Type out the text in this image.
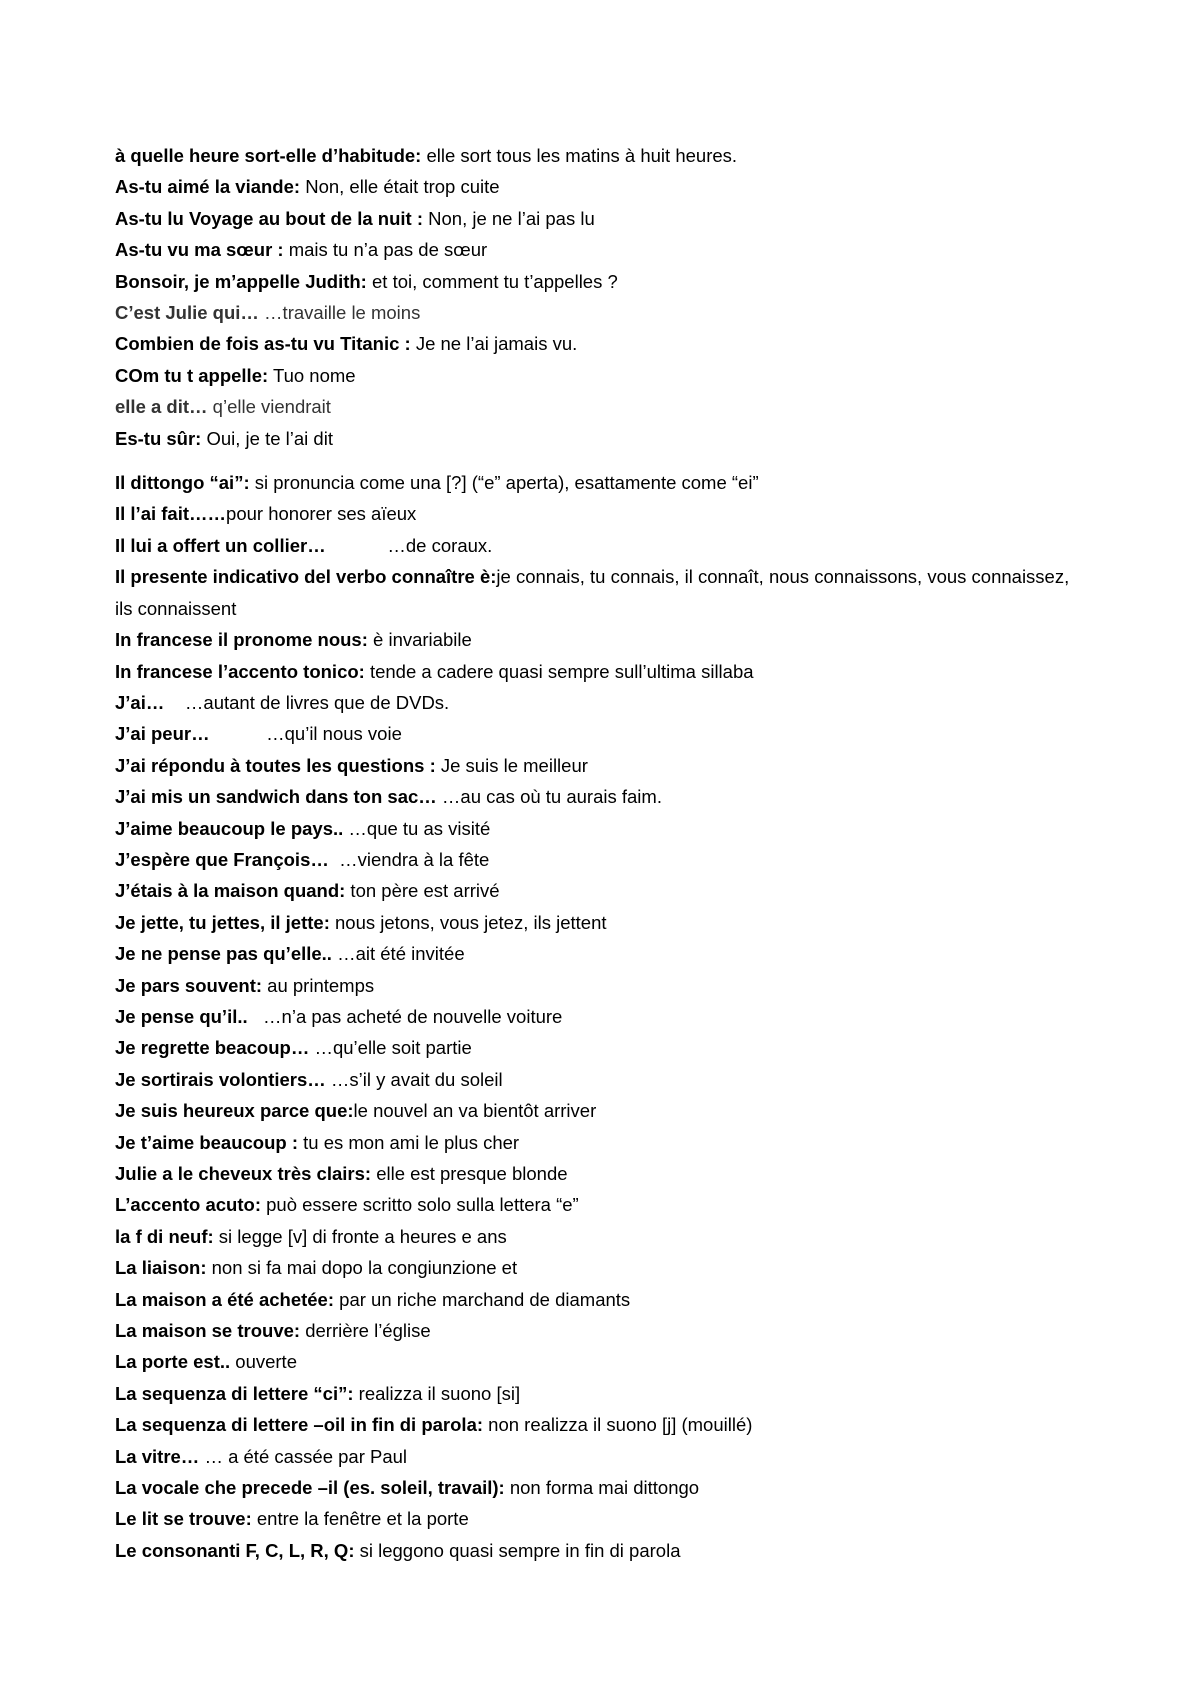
à quelle heure sort-elle d’habitude: elle sort tous les matins à huit heures.

As-tu aimé la viande: Non, elle était trop cuite

As-tu lu Voyage au bout de la nuit : Non, je ne l’ai pas lu

As-tu vu ma sœur : mais tu n’a pas de sœur

Bonsoir, je m’appelle Judith: et toi, comment tu t’appelles ?

C’est Julie qui… …travaille le moins

Combien de fois as-tu vu Titanic : Je ne l’ai jamais vu.

COm tu t appelle: Tuo nome

elle a dit… q’elle viendrait

Es-tu sûr: Oui, je te l’ai dit

Il dittongo “ai”: si pronuncia come una [?] (“e” aperta), esattamente come “ei”

Il l’ai fait……pour honorer ses aïeux

Il lui a offert un collier…            …de coraux.

Il presente indicativo del verbo connaître è:je connais, tu connais, il connaît, nous connaissons, vous connaissez, ils connaissent

In francese il pronome nous: è invariabile

In francese l’accento tonico: tende a cadere quasi sempre sull’ultima sillaba

J’ai…    …autant de livres que de DVDs.

J’ai peur…           …qu’il nous voie

J’ai répondu à toutes les questions : Je suis le meilleur

J’ai mis un sandwich dans ton sac… …au cas où tu aurais faim.

J’aime beaucoup le pays.. …que tu as visité

J’espère que François…  …viendra à la fête

J’étais à la maison quand: ton père est arrivé

Je jette, tu jettes, il jette: nous jetons, vous jetez, ils jettent

Je ne pense pas qu’elle.. …ait été invitée

Je pars souvent: au printemps

Je pense qu’il..   …n’a pas acheté de nouvelle voiture

Je regrette beacoup… …qu’elle soit partie

Je sortirais volontiers… …s’il y avait du soleil

Je suis heureux parce que:le nouvel an va bientôt arriver

Je t’aime beaucoup : tu es mon ami le plus cher

Julie a le cheveux très clairs: elle est presque blonde

L’accento acuto: può essere scritto solo sulla lettera “e”

la f di neuf: si legge [v] di fronte a heures e ans

La liaison: non si fa mai dopo la congiunzione et

La maison a été achetée: par un riche marchand de diamants

La maison se trouve: derrière l’église

La porte est.. ouverte

La sequenza di lettere “ci”: realizza il suono [si]

La sequenza di lettere –oil in fin di parola: non realizza il suono [j] (mouillé)

La vitre… … a été cassée par Paul

La vocale che precede –il (es. soleil, travail): non forma mai dittongo

Le lit se trouve: entre la fenêtre et la porte

Le consonanti F, C, L, R, Q: si leggono quasi sempre in fin di parola
